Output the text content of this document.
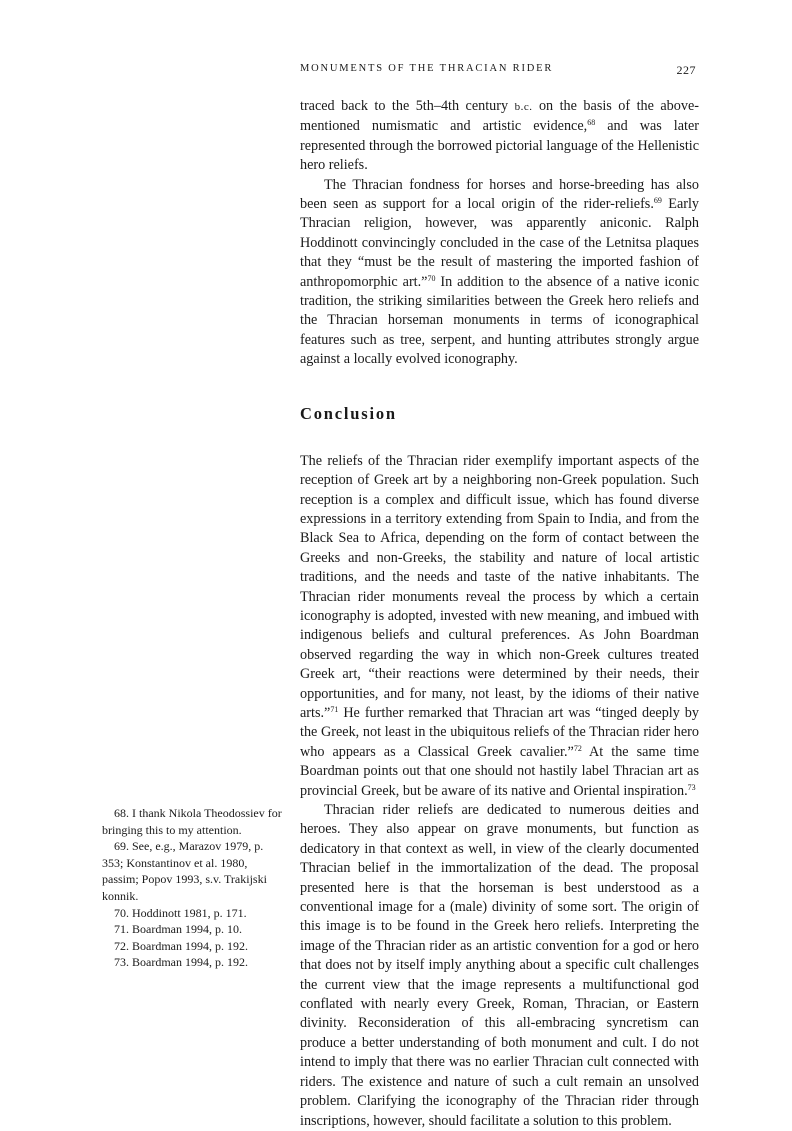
MONUMENTS OF THE THRACIAN RIDER	227

traced back to the 5th–4th century b.c. on the basis of the above-mentioned numismatic and artistic evidence,$^{68}$ and was later represented through the borrowed pictorial language of the Hellenistic hero reliefs.

The Thracian fondness for horses and horse-breeding has also been seen as support for a local origin of the rider-reliefs.$^{69}$ Early Thracian religion, however, was apparently aniconic. Ralph Hoddinott convincingly concluded in the case of the Letnitsa plaques that they “must be the result of mastering the imported fashion of anthropomorphic art.”$^{70}$ In addition to the absence of a native iconic tradition, the striking similarities between the Greek hero reliefs and the Thracian horseman monuments in terms of iconographical features such as tree, serpent, and hunting attributes strongly argue against a locally evolved iconography.

Conclusion

The reliefs of the Thracian rider exemplify important aspects of the reception of Greek art by a neighboring non-Greek population. Such reception is a complex and difficult issue, which has found diverse expressions in a territory extending from Spain to India, and from the Black Sea to Africa, depending on the form of contact between the Greeks and non-Greeks, the stability and nature of local artistic traditions, and the needs and taste of the native inhabitants. The Thracian rider monuments reveal the process by which a certain iconography is adopted, invested with new meaning, and imbued with indigenous beliefs and cultural preferences. As John Boardman observed regarding the way in which non-Greek cultures treated Greek art, “their reactions were determined by their needs, their opportunities, and for many, not least, by the idioms of their native arts.”$^{71}$ He further remarked that Thracian art was “tinged deeply by the Greek, not least in the ubiquitous reliefs of the Thracian rider hero who appears as a Classical Greek cavalier.”$^{72}$ At the same time Boardman points out that one should not hastily label Thracian art as provincial Greek, but be aware of its native and Oriental inspiration.$^{73}$

Thracian rider reliefs are dedicated to numerous deities and heroes. They also appear on grave monuments, but function as dedicatory in that context as well, in view of the clearly documented Thracian belief in the immortalization of the dead. The proposal presented here is that the horseman is best understood as a conventional image for a (male) divinity of some sort. The origin of this image is to be found in the Greek hero reliefs. Interpreting the image of the Thracian rider as an artistic convention for a god or hero that does not by itself imply anything about a specific cult challenges the current view that the image represents a multifunctional god conflated with nearly every Greek, Roman, Thracian, or Eastern divinity. Reconsideration of this all-embracing syncretism can produce a better understanding of both monument and cult. I do not intend to imply that there was no earlier Thracian cult connected with riders. The existence and nature of such a cult remain an unsolved problem. Clarifying the iconography of the Thracian rider through inscriptions, however, should facilitate a solution to this problem.

68. I thank Nikola Theodossiev for bringing this to my attention.

69. See, e.g., Marazov 1979, p. 353; Konstantinov et al. 1980, passim; Popov 1993, s.v. Trakijski konnik.

70. Hoddinott 1981, p. 171.

71. Boardman 1994, p. 10.

72. Boardman 1994, p. 192.

73. Boardman 1994, p. 192.
